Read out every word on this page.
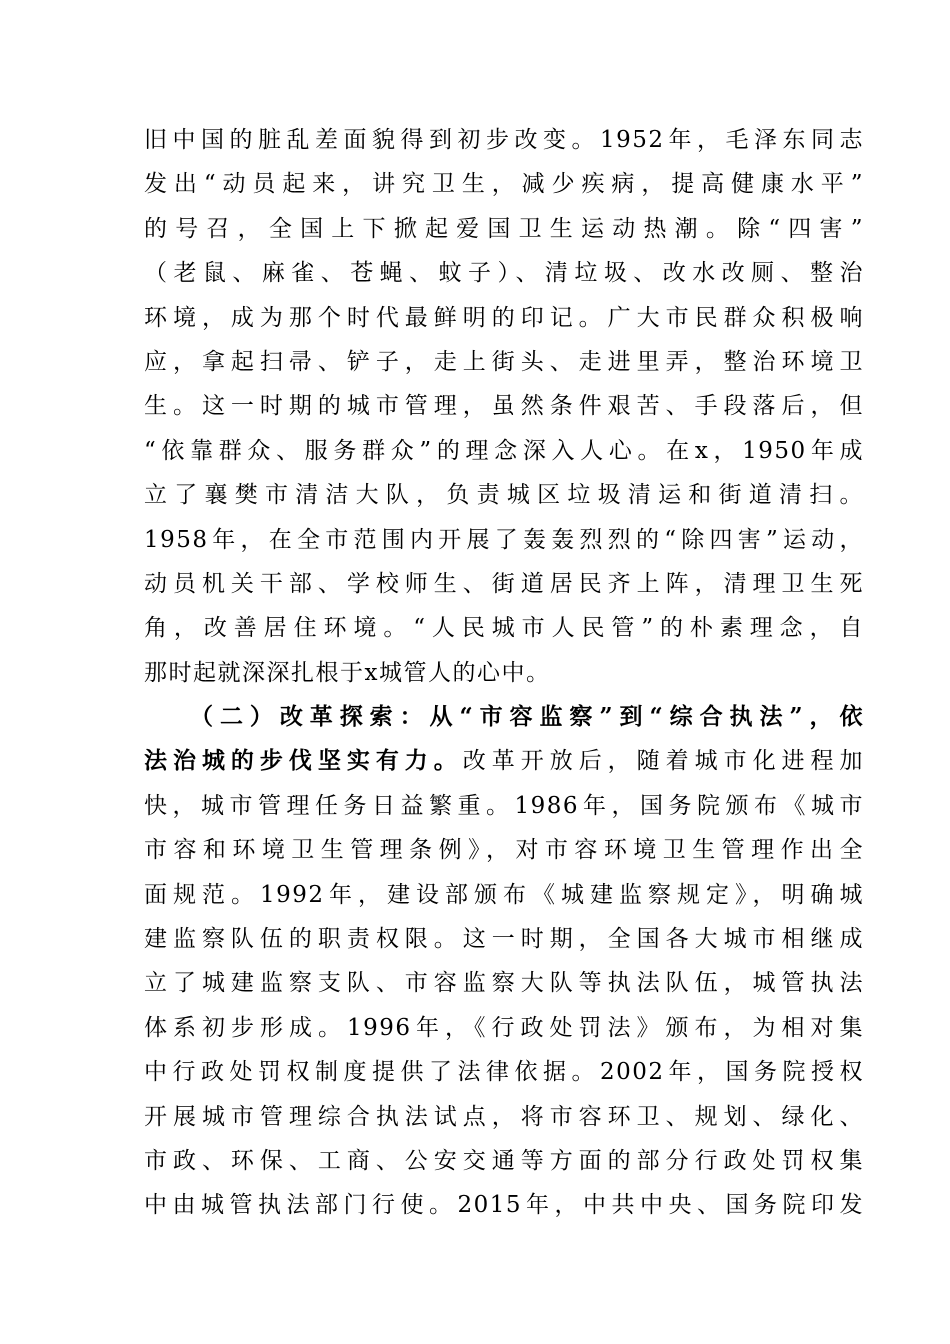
旧中国的脏乱差面貌得到初步改变。1952年，毛泽东同志
发出“动员起来，讲究卫生，减少疾病，提高健康水平”
的号召，全国上下掀起爱国卫生运动热潮。除“四害”
（老鼠、麻雀、苍蝇、蚊子）、清垃圾、改水改厕、整治
环境，成为那个时代最鲜明的印记。广大市民群众积极响
应，拿起扫帚、铲子，走上街头、走进里弄，整治环境卫
生。这一时期的城市管理，虽然条件艰苦、手段落后，但
“依靠群众、服务群众”的理念深入人心。在x，1950年成
立了襄樊市清洁大队，负责城区垃圾清运和街道清扫。
1958年，在全市范围内开展了轰轰烈烈的“除四害”运动，
动员机关干部、学校师生、街道居民齐上阵，清理卫生死
角，改善居住环境。“人民城市人民管”的朴素理念，自
那时起就深深扎根于x城管人的心中。
（二）改革探索：从“市容监察”到“综合执法”，依
法治城的步伐坚实有力。改革开放后，随着城市化进程加
快，城市管理任务日益繁重。1986年，国务院颁布《城市
市容和环境卫生管理条例》，对市容环境卫生管理作出全
面规范。1992年，建设部颁布《城建监察规定》，明确城
建监察队伍的职责权限。这一时期，全国各大城市相继成
立了城建监察支队、市容监察大队等执法队伍，城管执法
体系初步形成。1996年，《行政处罚法》颁布，为相对集
中行政处罚权制度提供了法律依据。2002年，国务院授权
开展城市管理综合执法试点，将市容环卫、规划、绿化、
市政、环保、工商、公安交通等方面的部分行政处罚权集
中由城管执法部门行使。2015年，中共中央、国务院印发
